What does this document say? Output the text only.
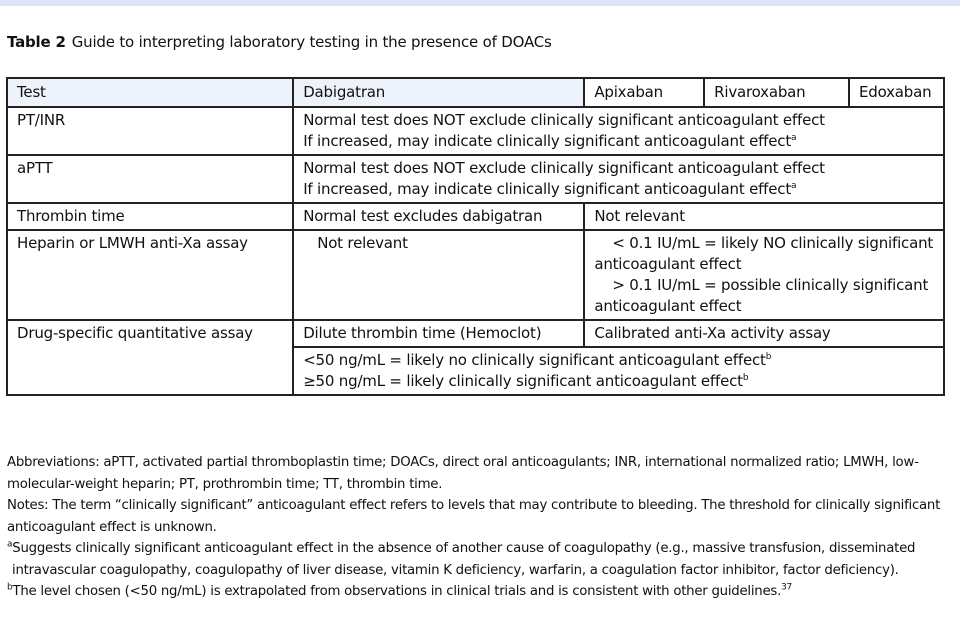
Table 2 Guide to interpreting laboratory testing in the presence of DOACs
Test	Dabigatran	Apixaban	Rivaroxaban	Edoxaban
PT/INR	Normal test does NOT exclude clinically significant anticoagulant effect
If increased, may indicate clinically significant anticoagulant effect$^a$

aPTT	Normal test does NOT exclude clinically significant anticoagulant effect
If increased, may indicate clinically significant anticoagulant effect$^a$

Thrombin time	Normal test excludes dabigatran	Not relevant		
Heparin or LMWH anti-Xa assay	Not relevant	< 0.1 IU/mL = likely NO clinically significant
anticoagulant effect
> 0.1 IU/mL = possible clinically significant
anticoagulant effect		

Drug-specific quantitative assay	Dilute thrombin time (Hemoclot)	Calibrated anti-Xa activity assay		

	<50 ng/mL = likely no clinically significant anticoagulant effect$^b$
≥50 ng/mL = likely clinically significant anticoagulant effect$^b$

Abbreviations: aPTT, activated partial thromboplastin time; DOACs, direct oral anticoagulants; INR, international normalized ratio; LMWH, low-

molecular-weight heparin; PT, prothrombin time; TT, thrombin time.

Notes: The term “clinically significant” anticoagulant effect refers to levels that may contribute to bleeding. The threshold for clinically significant

anticoagulant effect is unknown.

$^a$Suggests clinically significant anticoagulant effect in the absence of another cause of coagulopathy (e.g., massive transfusion, disseminated

intravascular coagulopathy, coagulopathy of liver disease, vitamin K deficiency, warfarin, a coagulation factor inhibitor, factor deficiency).

$^b$The level chosen (<50 ng/mL) is extrapolated from observations in clinical trials and is consistent with other guidelines.$^{37}$
